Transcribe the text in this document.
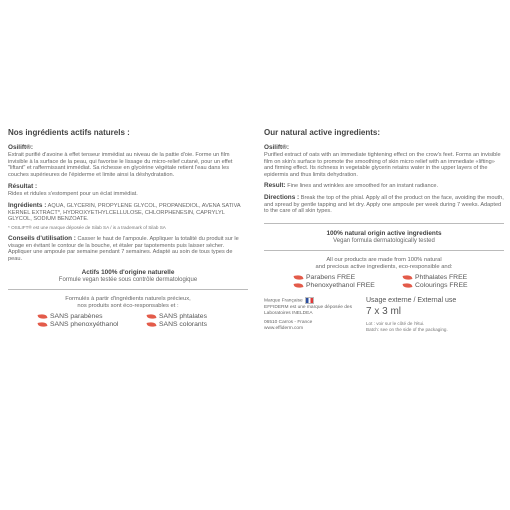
Nos ingrédients actifs naturels :
Osilift®:
Extrait purifié d'avoine à effet tenseur immédiat au niveau de la pattie d'oie. Forme un film invisible à la surface de la peau, qui favorise le lissage du micro-relief cutané, pour un effet "liftant" et raffermissant immédiat. Sa richesse en glycérine végétale retient l'eau dans les couches supérieures de l'épiderme et limite ainsi la déshydratation.
Résultat :
Rides et ridules s'estompent pour un éclat immédiat.
Ingrédients : AQUA, GLYCERIN, PROPYLENE GLYCOL, PROPANEDIOL, AVENA SATIVA KERNEL EXTRACT*, HYDROXYETHYLCELLULOSE, CHLORPHENESIN, CAPRYLYL GLYCOL, SODIUM BENZOATE.
* OSILIFT® est une marque déposée de Silab SA / is a trademark of Silab SA
Conseils d'utilisation : Casser le haut de l'ampoule. Appliquer la totalité du produit sur le visage en évitant le contour de la bouche, et étaler par tapotements puis laisser sécher. Appliquer une ampoule par semaine pendant 7 semaines. Adapté au soin de tous types de peau.
Actifs 100% d'origine naturelle
Formule vegan testée sous contrôle dermatologique
Formulés à partir d'ingrédients naturels précieux,
nos produits sont éco-responsables et :
SANS parabènes	SANS phtalates
SANS phenoxyéthanol	SANS colorants
Our natural active ingredients:
Osilift®:
Purified extract of oats with an immediate tightening effect on the crow's feet. Forms an invisible film on skin's surface to promote the smoothing of skin micro relief with an immediate «lifting» and firming effect. Its richness in vegetable glycerin retains water in the upper layers of the epidermis and thus limits dehydration.
Result: Fine lines and wrinkles are smoothed for an instant radiance.
Directions : Break the top of the phial. Apply all of the product on the face, avoiding the mouth, and spread by gentle tapping and let dry. Apply one ampoule per week during 7 weeks. Adapted to the care of all skin types.
100% natural origin active ingredients
Vegan formula dermatologically tested
All our products are made from 100% natural
and precious active ingredients, eco-responsible and:
Parabens FREE	Phthalates FREE
Phenoxyethanol FREE	Colourings FREE
Marque Française
EFFIDERM est une marque déposée des
Laboratoires INELDEA
06510 Carros - France
www.effiderm.com
Usage externe / External use
7 x 3 ml
Lot : voir sur le côté de l'étui.
Batch: see on the side of the packaging.
